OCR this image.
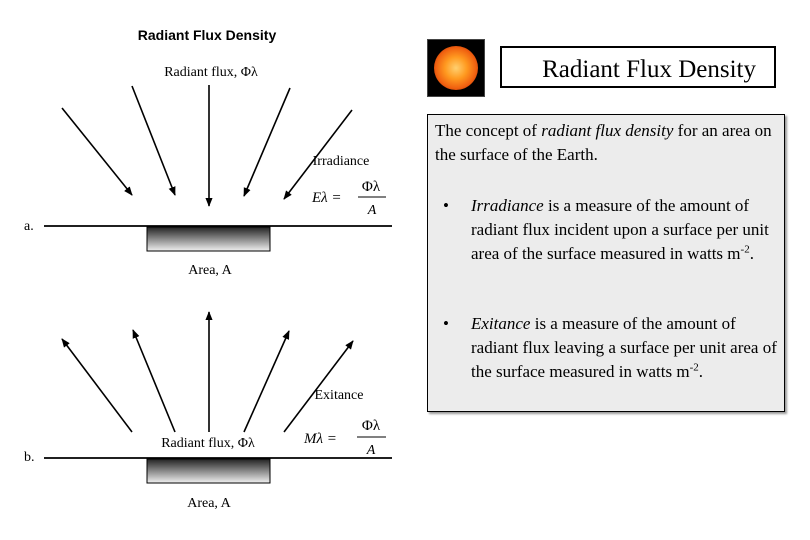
Radiant Flux Density
Radiant flux, Φλ
Irradiance
Eλ =
Φλ
A
a.
Area, A
Exitance
Mλ =
Φλ
A
Radiant flux, Φλ
b.
Area, A
Radiant Flux Density
The concept of radiant flux density for an area on the surface of the Earth.
• Irradiance is a measure of the amount of radiant flux incident upon a surface per unit area of the surface measured in watts $m^{-2}$.
• Exitance is a measure of the amount of radiant flux leaving a surface per unit area of the surface measured in watts $m^{-2}$.
